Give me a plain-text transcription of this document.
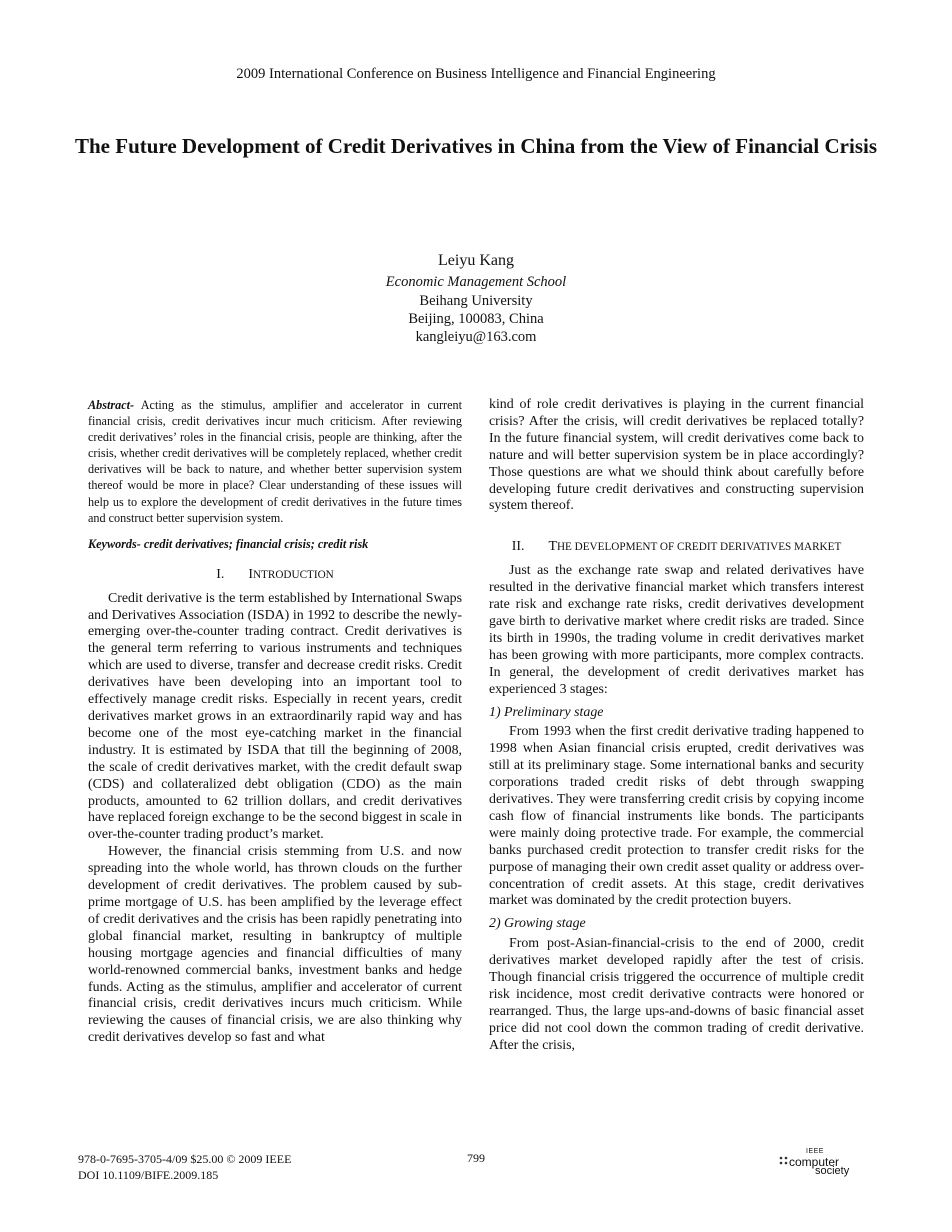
2009 International Conference on Business Intelligence and Financial Engineering
The Future Development of Credit Derivatives in China from the View of Financial Crisis
Leiyu Kang
Economic Management School
Beihang University
Beijing, 100083, China
kangleiyu@163.com

Abstract- Acting as the stimulus, amplifier and accelerator in current financial crisis, credit derivatives incur much criticism. After reviewing credit derivatives’ roles in the financial crisis, people are thinking, after the crisis, whether credit derivatives will be completely replaced, whether credit derivatives will be back to nature, and whether better supervision system thereof would be more in place? Clear understanding of these issues will help us to explore the development of credit derivatives in the future times and construct better supervision system.

Keywords- credit derivatives; financial crisis; credit risk

I. INTRODUCTION

Credit derivative is the term established by International Swaps and Derivatives Association (ISDA) in 1992 to describe the newly-emerging over-the-counter trading contract. Credit derivatives is the general term referring to various instruments and techniques which are used to diverse, transfer and decrease credit risks. Credit derivatives have been developing into an important tool to effectively manage credit risks. Especially in recent years, credit derivatives market grows in an extraordinarily rapid way and has become one of the most eye-catching market in the financial industry. It is estimated by ISDA that till the beginning of 2008, the scale of credit derivatives market, with the credit default swap (CDS) and collateralized debt obligation (CDO) as the main products, amounted to 62 trillion dollars, and credit derivatives have replaced foreign exchange to be the second biggest in scale in over-the-counter trading product’s market.

However, the financial crisis stemming from U.S. and now spreading into the whole world, has thrown clouds on the further development of credit derivatives. The problem caused by sub-prime mortgage of U.S. has been amplified by the leverage effect of credit derivatives and the crisis has been rapidly penetrating into global financial market, resulting in bankruptcy of multiple housing mortgage agencies and financial difficulties of many world-renowned commercial banks, investment banks and hedge funds. Acting as the stimulus, amplifier and accelerator of current financial crisis, credit derivatives incurs much criticism. While reviewing the causes of financial crisis, we are also thinking why credit derivatives develop so fast and what

kind of role credit derivatives is playing in the current financial crisis? After the crisis, will credit derivatives be replaced totally? In the future financial system, will credit derivatives come back to nature and will better supervision system be in place accordingly? Those questions are what we should think about carefully before developing future credit derivatives and constructing supervision system thereof.

II. THE DEVELOPMENT OF CREDIT DERIVATIVES MARKET

Just as the exchange rate swap and related derivatives have resulted in the derivative financial market which transfers interest rate risk and exchange rate risks, credit derivatives development gave birth to derivative market where credit risks are traded. Since its birth in 1990s, the trading volume in credit derivatives market has been growing with more participants, more complex contracts. In general, the development of credit derivatives market has experienced 3 stages:

1) Preliminary stage

From 1993 when the first credit derivative trading happened to 1998 when Asian financial crisis erupted, credit derivatives was still at its preliminary stage. Some international banks and security corporations traded credit risks of debt through swapping derivatives. They were transferring credit crisis by copying income cash flow of financial instruments like bonds. The participants were mainly doing protective trade. For example, the commercial banks purchased credit protection to transfer credit risks for the purpose of managing their own credit asset quality or address over-concentration of credit assets. At this stage, credit derivatives market was dominated by the credit protection buyers.

2) Growing stage

From post-Asian-financial-crisis to the end of 2000, credit derivatives market developed rapidly after the test of crisis. Though financial crisis triggered the occurrence of multiple credit risk incidence, most credit derivative contracts were honored or rearranged. Thus, the large ups-and-downs of basic financial asset price did not cool down the common trading of credit derivative. After the crisis,

978-0-7695-3705-4/09 $25.00 © 2009 IEEE
DOI 10.1109/BIFE.2009.185
799	IEEE
computer
society
